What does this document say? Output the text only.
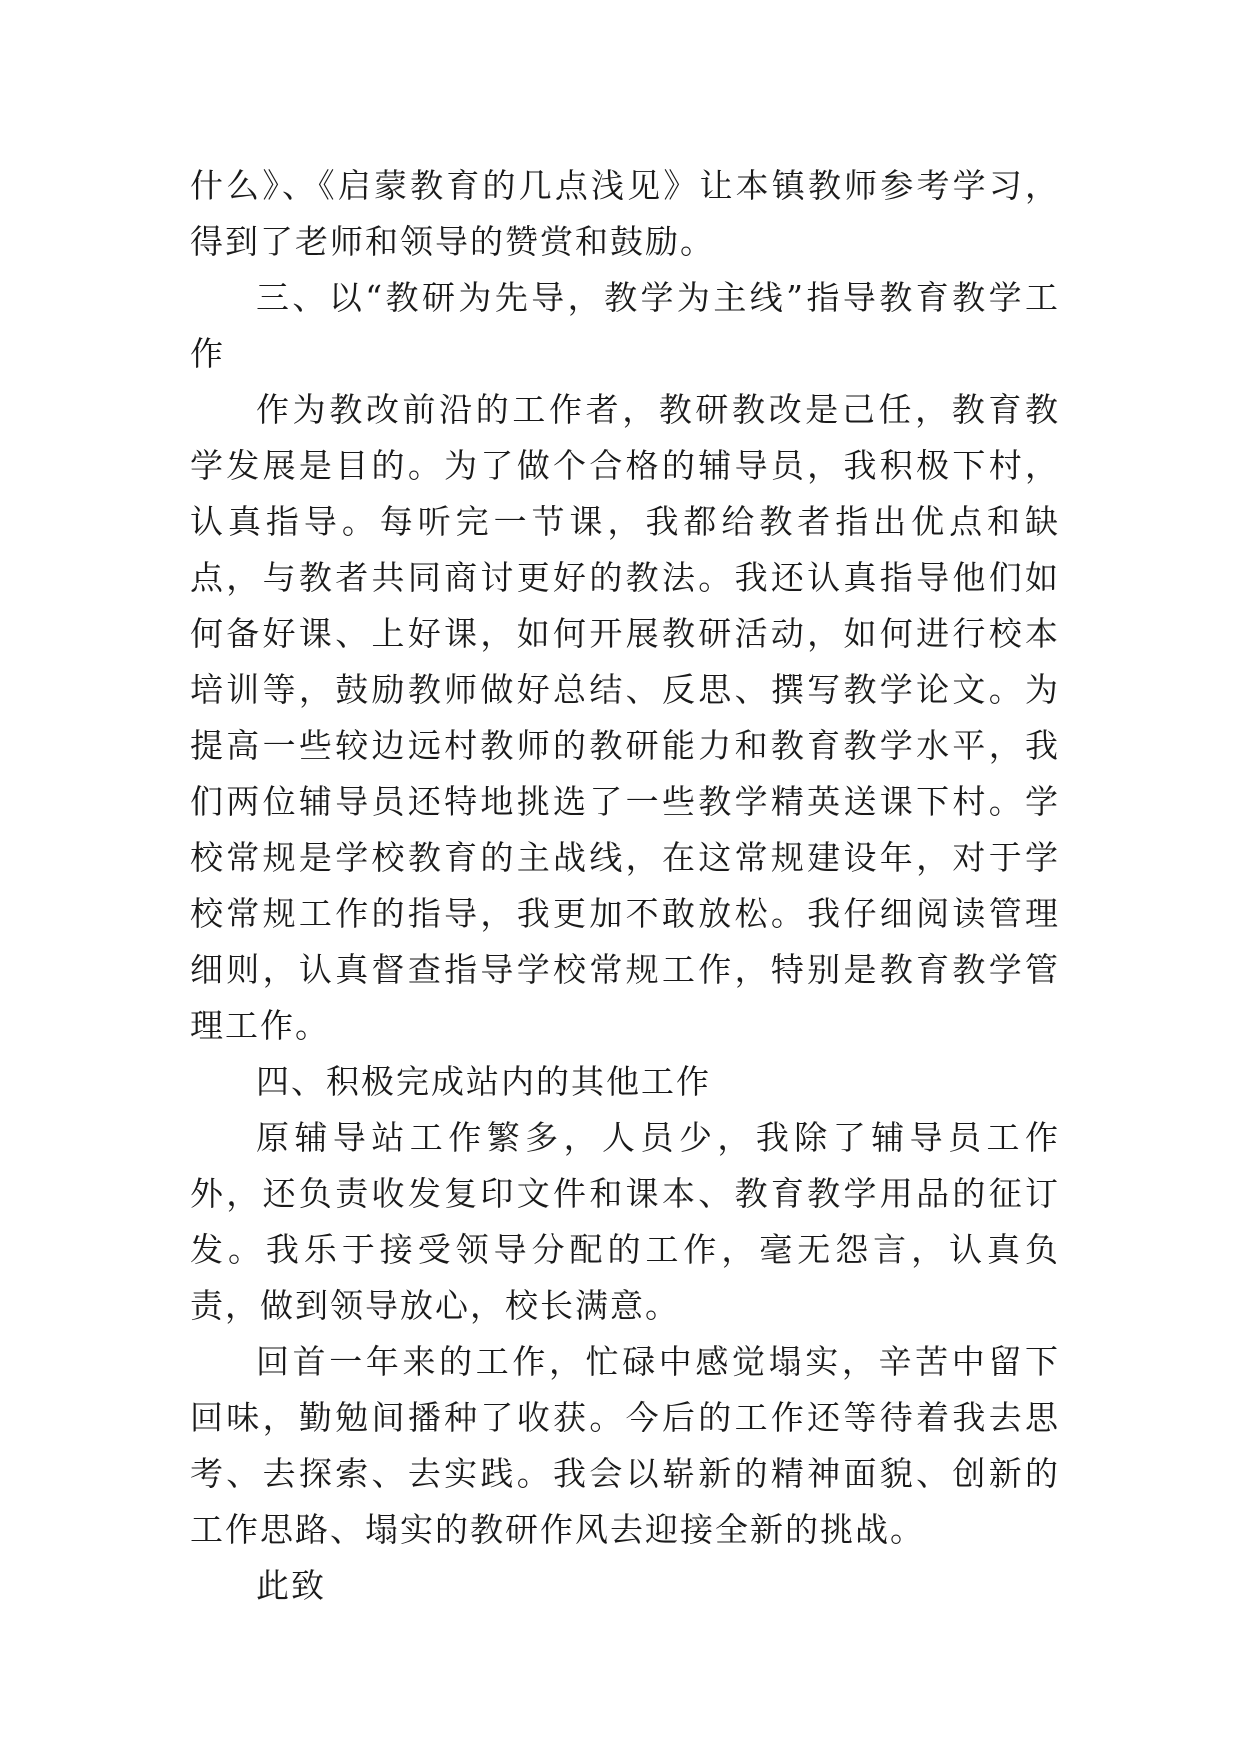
什么》、《启蒙教育的几点浅见》让本镇教师参考学习，得到了老师和领导的赞赏和鼓励。

三、以“教研为先导，教学为主线”指导教育教学工作

作为教改前沿的工作者，教研教改是己任，教育教学发展是目的。为了做个合格的辅导员，我积极下村，认真指导。每听完一节课，我都给教者指出优点和缺点，与教者共同商讨更好的教法。我还认真指导他们如何备好课、上好课，如何开展教研活动，如何进行校本培训等，鼓励教师做好总结、反思、撰写教学论文。为提高一些较边远村教师的教研能力和教育教学水平，我们两位辅导员还特地挑选了一些教学精英送课下村。学校常规是学校教育的主战线，在这常规建设年，对于学校常规工作的指导，我更加不敢放松。我仔细阅读管理细则，认真督查指导学校常规工作，特别是教育教学管理工作。

四、积极完成站内的其他工作

原辅导站工作繁多，人员少，我除了辅导员工作外，还负责收发复印文件和课本、教育教学用品的征订发。我乐于接受领导分配的工作，毫无怨言，认真负责，做到领导放心，校长满意。

回首一年来的工作，忙碌中感觉塌实，辛苦中留下回味，勤勉间播种了收获。今后的工作还等待着我去思考、去探索、去实践。我会以崭新的精神面貌、创新的工作思路、塌实的教研作风去迎接全新的挑战。

此致
